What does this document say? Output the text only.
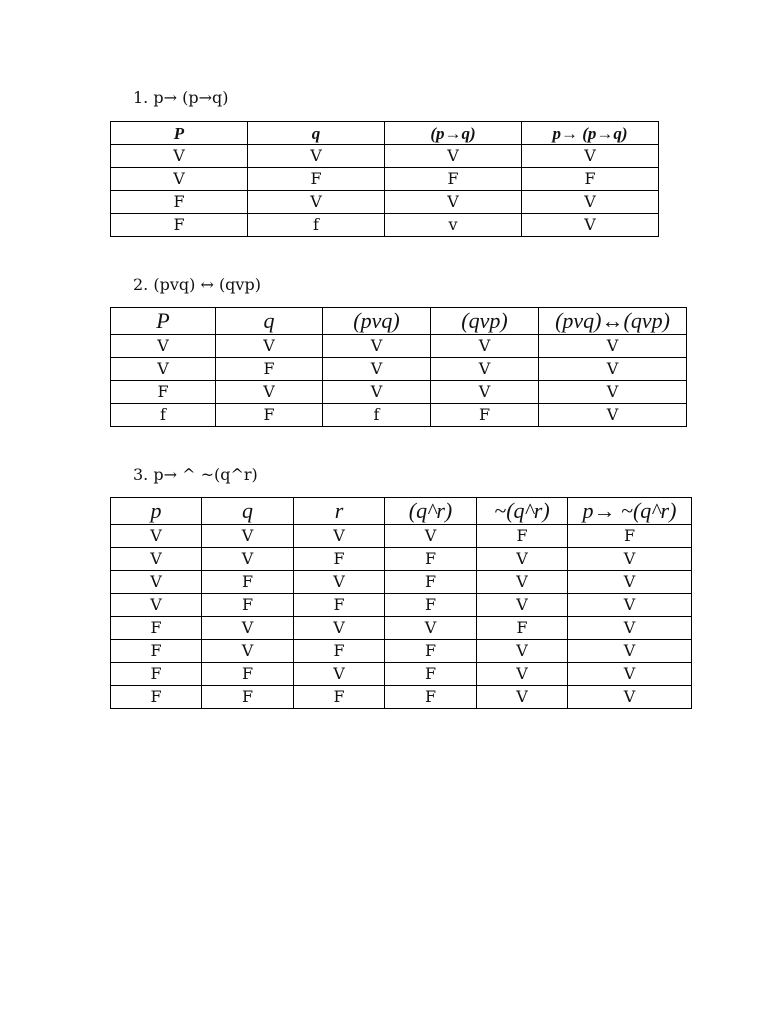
1. p→ (p→q)
P	q	(p→q)	p→ (p→q)
V	V	V	V
V	F	F	F
F	V	V	V
F	f	v	V
2. (pvq) ↔ (qvp)
P	q	(pvq)	(qvp)	(pvq)↔(qvp)
V	V	V	V	V
V	F	V	V	V
F	V	V	V	V
f	F	f	F	V
3. p→ ^ ~(q^r)
p	q	r	(q^r)	~(q^r)	p→ ~(q^r)
V	V	V	V	F	F
V	V	F	F	V	V
V	F	V	F	V	V
V	F	F	F	V	V
F	V	V	V	F	V
F	V	F	F	V	V
F	F	V	F	V	V
F	F	F	F	V	V
